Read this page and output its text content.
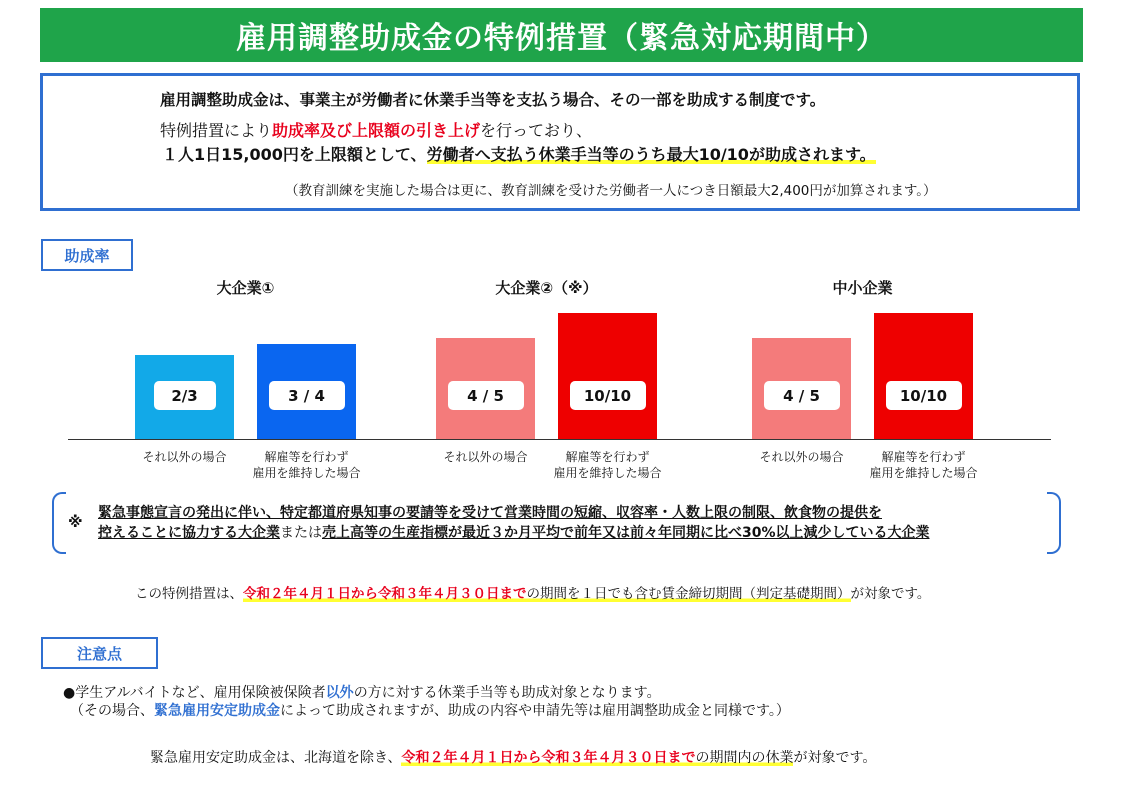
雇用調整助成金の特例措置（緊急対応期間中）
雇用調整助成金は、事業主が労働者に休業手当等を支払う場合、その一部を助成する制度です。
特例措置により助成率及び上限額の引き上げを行っており、
１人1日15,000円を上限額として、労働者へ支払う休業手当等のうち最大10/10が助成されます。
（教育訓練を実施した場合は更に、教育訓練を受けた労働者一人につき日額最大2,400円が加算されます。）
助成率
大企業①
2/3
それ以外の場合
3 / 4
解雇等を行わず
雇用を維持した場合
大企業②（※）
4 / 5
それ以外の場合
10/10
解雇等を行わず
雇用を維持した場合
中小企業
4 / 5
それ以外の場合
10/10
解雇等を行わず
雇用を維持した場合
※ 緊急事態宣言の発出に伴い、特定都道府県知事の要請等を受けて営業時間の短縮、収容率・人数上限の制限、飲食物の提供を
控えることに協力する大企業または売上高等の生産指標が最近３か月平均で前年又は前々年同期に比べ30%以上減少している大企業
この特例措置は、令和２年４月１日から令和３年４月３０日までの期間を１日でも含む賃金締切期間（判定基礎期間）が対象です。
注意点
●学生アルバイトなど、雇用保険被保険者以外の方に対する休業手当等も助成対象となります。
（その場合、緊急雇用安定助成金によって助成されますが、助成の内容や申請先等は雇用調整助成金と同様です。）
緊急雇用安定助成金は、北海道を除き、令和２年４月１日から令和３年４月３０日までの期間内の休業が対象です。
